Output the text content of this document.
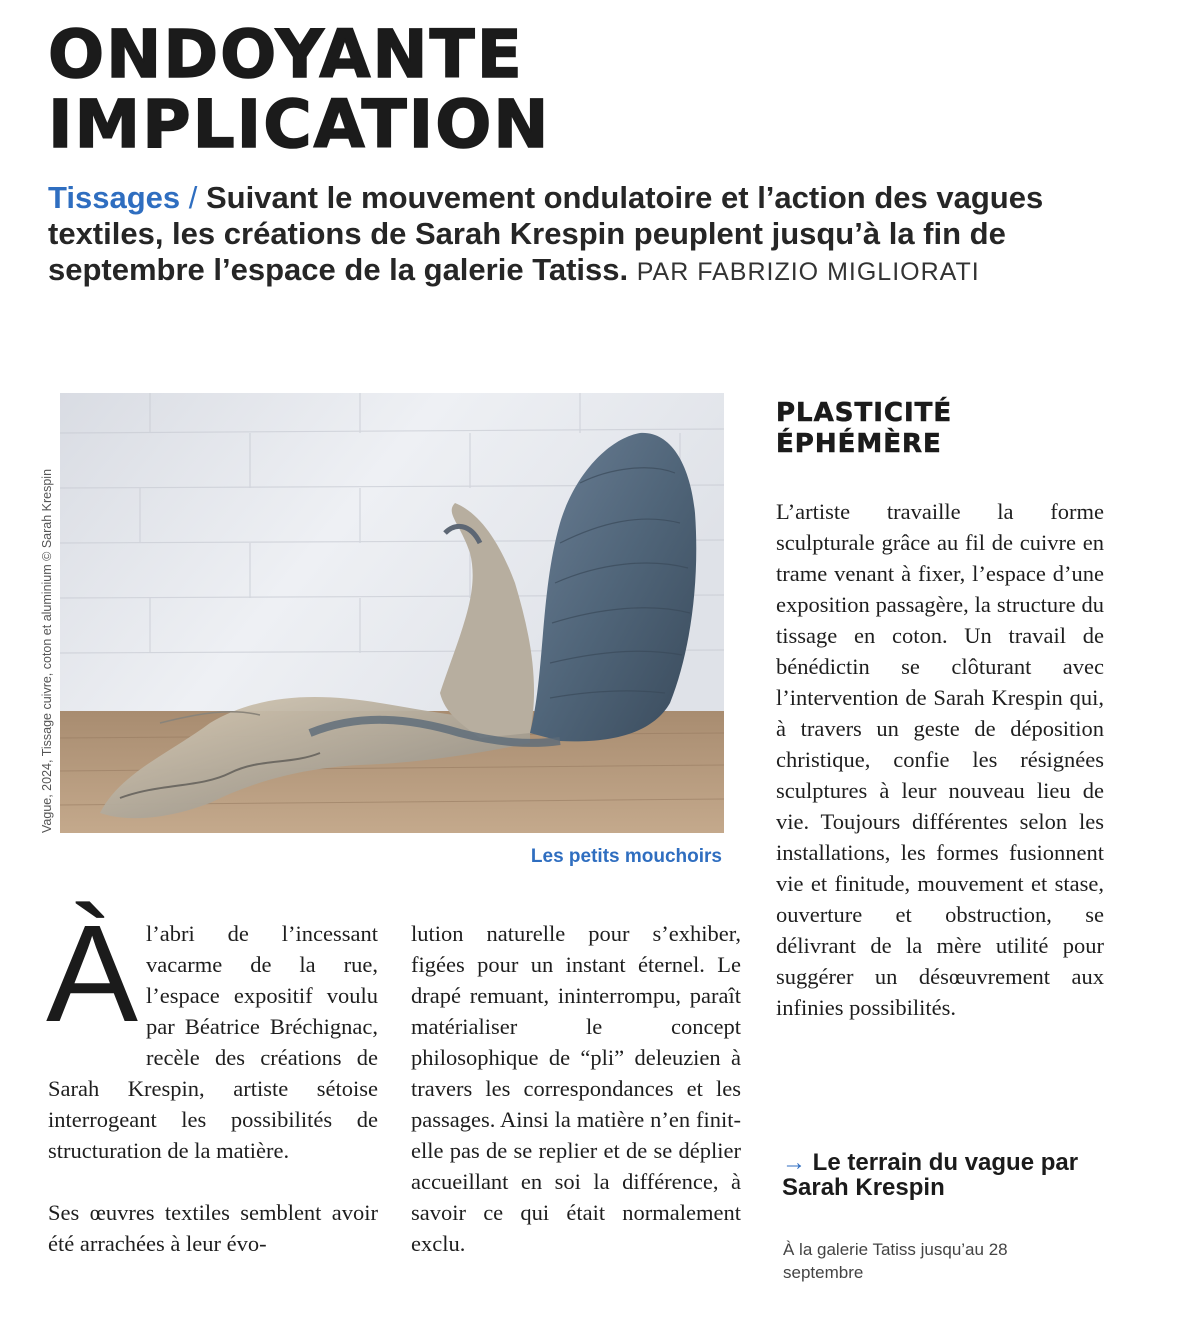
ONDOYANTE
IMPLICATION

Tissages / Suivant le mouvement ondulatoire et l’action des vagues textiles, les créations de Sarah Krespin peuplent jusqu’à la fin de septembre l’espace de la galerie Tatiss. PAR FABRIZIO MIGLIORATI

Vague, 2024, Tissage cuivre, coton et aluminium © Sarah Krespin
Les petits mouchoirs

Àl’abri de l’incessant vacarme de la rue, l’espace expositif voulu par Béatrice Bréchignac, recèle des créations de Sarah Krespin, artiste sétoise interrogeant les possibilités de structuration de la matière.

Ses œuvres textiles semblent avoir été arrachées à leur évo-

lution naturelle pour s’exhiber, figées pour un instant éternel. Le drapé remuant, ininterrompu, paraît matérialiser le concept philosophique de “pli” deleuzien à travers les correspondances et les passages. Ainsi la matière n’en finit-elle pas de se replier et de se déplier accueillant en soi la différence, à savoir ce qui était normalement exclu.

PLASTICITÉ
ÉPHÉMÈRE

L’artiste travaille la forme sculpturale grâce au fil de cuivre en trame venant à fixer, l’espace d’une exposition passagère, la structure du tissage en coton. Un travail de bénédictin se clôturant avec l’intervention de Sarah Krespin qui, à travers un geste de déposition christique, confie les résignées sculptures à leur nouveau lieu de vie. Toujours différentes selon les installations, les formes fusionnent vie et finitude, mouvement et stase, ouverture et obstruction, se délivrant de la mère utilité pour suggérer un désœuvrement aux infinies possibilités.

→ Le terrain du vague par Sarah Krespin

À la galerie Tatiss jusqu’au 28 septembre
